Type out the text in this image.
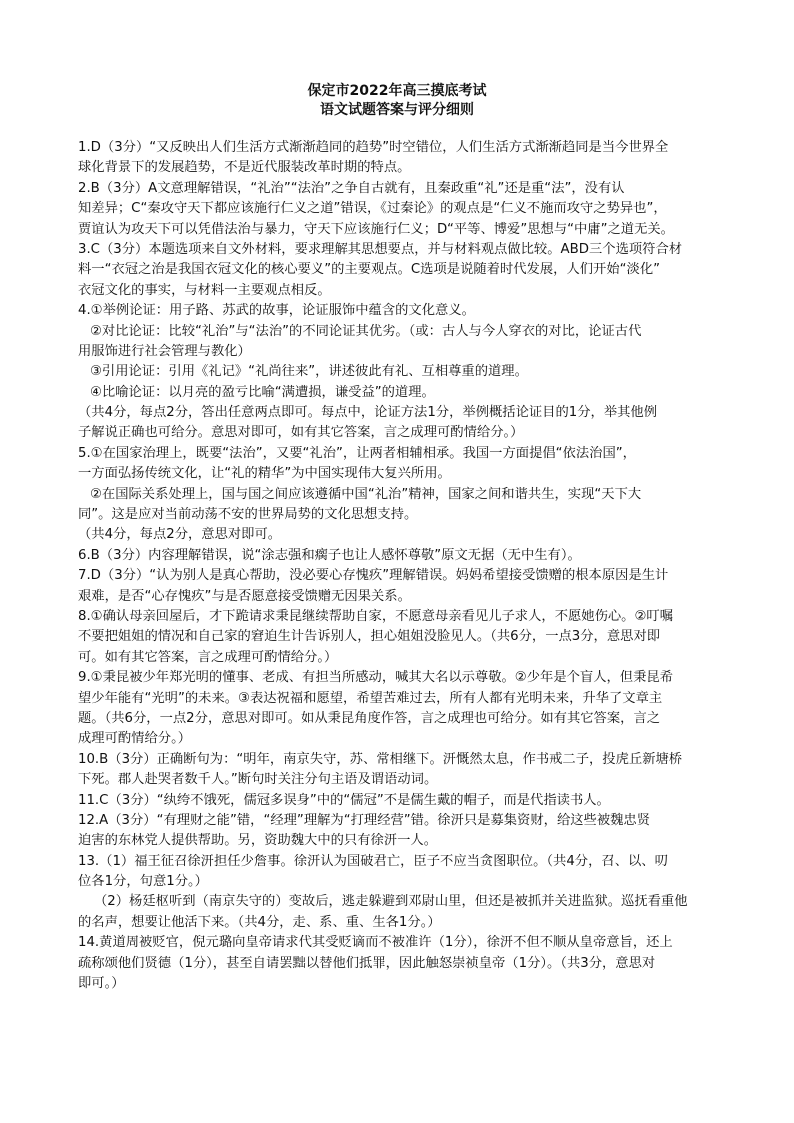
保定市2022年高三摸底考试
语文试题答案与评分细则
1.D（3分）“又反映出人们生活方式渐渐趋同的趋势”时空错位，人们生活方式渐渐趋同是当今世界全
球化背景下的发展趋势，不是近代服装改革时期的特点。
2.B（3分）A文意理解错误，“礼治”“法治”之争自古就有，且秦政重“礼”还是重“法”，没有认
知差异；C“秦攻守天下都应该施行仁义之道”错误，《过秦论》的观点是“仁义不施而攻守之势异也”，
贾谊认为攻天下可以凭借法治与暴力，守天下应该施行仁义；D“平等、博爱”思想与“中庸”之道无关。
3.C（3分）本题选项来自文外材料，要求理解其思想要点，并与材料观点做比较。ABD三个选项符合材
料一“衣冠之治是我国衣冠文化的核心要义”的主要观点。C选项是说随着时代发展，人们开始“淡化”
衣冠文化的事实，与材料一主要观点相反。
4.①举例论证：用子路、苏武的故事，论证服饰中蕴含的文化意义。
②对比论证：比较“礼治”与“法治”的不同论证其优劣。（或：古人与今人穿衣的对比，论证古代
用服饰进行社会管理与教化）
③引用论证：引用《礼记》“礼尚往来”，讲述彼此有礼、互相尊重的道理。
④比喻论证：以月亮的盈亏比喻“满遭损，谦受益”的道理。
（共4分，每点2分，答出任意两点即可。每点中，论证方法1分，举例概括论证目的1分，举其他例
子解说正确也可给分。意思对即可，如有其它答案，言之成理可酌情给分。）
5.①在国家治理上，既要“法治”，又要“礼治”，让两者相辅相承。我国一方面提倡“依法治国”，
一方面弘扬传统文化，让“礼的精华”为中国实现伟大复兴所用。
②在国际关系处理上，国与国之间应该遵循中国“礼治”精神，国家之间和谐共生，实现“天下大
同”。这是应对当前动荡不安的世界局势的文化思想支持。
（共4分，每点2分，意思对即可。
6.B（3分）内容理解错误，说“涂志强和瘸子也让人感怀尊敬”原文无据（无中生有）。
7.D（3分）“认为别人是真心帮助，没必要心存愧疚”理解错误。妈妈希望接受馈赠的根本原因是生计
艰难，是否“心存愧疚”与是否愿意接受馈赠无因果关系。
8.①确认母亲回屋后，才下跪请求秉昆继续帮助自家，不愿意母亲看见儿子求人，不愿她伤心。②叮嘱
不要把姐姐的情况和自己家的窘迫生计告诉别人，担心姐姐没脸见人。（共6分，一点3分，意思对即
可。如有其它答案，言之成理可酌情给分。）
9.①秉昆被少年郑光明的懂事、老成、有担当所感动，喊其大名以示尊敬。②少年是个盲人，但秉昆希
望少年能有“光明”的未来。③表达祝福和愿望，希望苦难过去，所有人都有光明未来，升华了文章主
题。（共6分，一点2分，意思对即可。如从秉昆角度作答，言之成理也可给分。如有其它答案，言之
成理可酌情给分。）
10.B（3分）正确断句为：“明年，南京失守，苏、常相继下。汧慨然太息，作书戒二子，投虎丘新塘桥
下死。郡人赴哭者数千人。”断句时关注分句主语及谓语动词。
11.C（3分）“纨绔不饿死，儒冠多误身”中的“儒冠”不是儒生戴的帽子，而是代指读书人。
12.A（3分）“有理财之能”错，“经理”理解为“打理经营”错。徐汧只是募集资财，给这些被魏忠贤
迫害的东林党人提供帮助。另，资助魏大中的只有徐汧一人。
13.（1）福王征召徐汧担任少詹事。徐汧认为国破君亡，臣子不应当贪图职位。（共4分，召、以、叨
位各1分，句意1分。）
（2）杨廷枢听到（南京失守的）变故后，逃走躲避到邓尉山里，但还是被抓并关进监狱。巡抚看重他
的名声，想要让他活下来。（共4分，走、系、重、生各1分。）
14.黄道周被贬官，倪元璐向皇帝请求代其受贬谪而不被准许（1分），徐汧不但不顺从皇帝意旨，还上
疏称颂他们贤德（1分），甚至自请罢黜以替他们抵罪，因此触怒崇祯皇帝（1分）。（共3分，意思对
即可。）
